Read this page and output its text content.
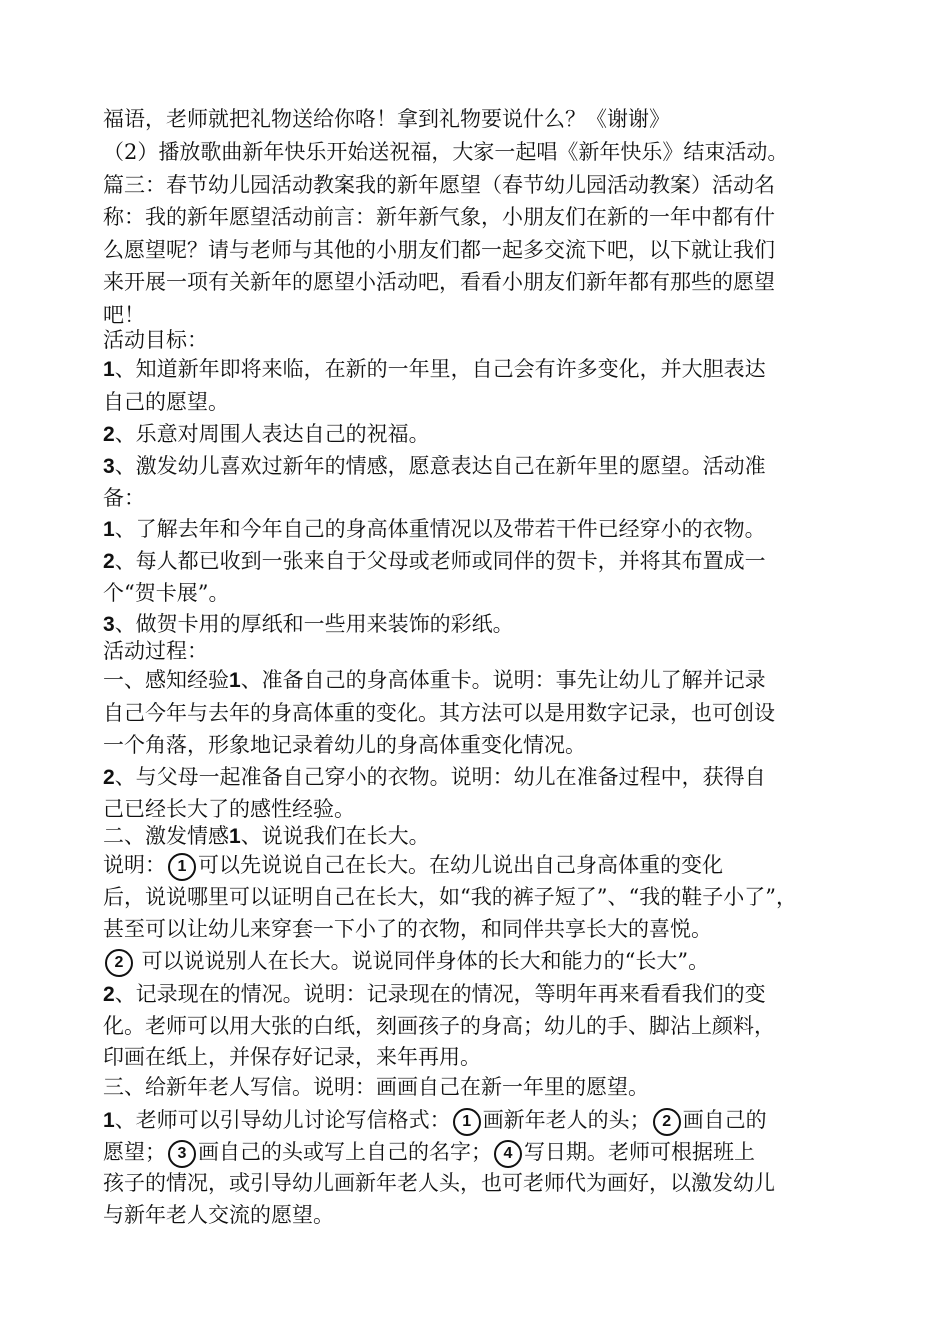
福语，老师就把礼物送给你咯！拿到礼物要说什么？《谢谢》
（2）播放歌曲新年快乐开始送祝福，大家一起唱《新年快乐》结束活动。
篇三：春节幼儿园活动教案我的新年愿望（春节幼儿园活动教案）活动名
称：我的新年愿望活动前言：新年新气象，小朋友们在新的一年中都有什
么愿望呢？请与老师与其他的小朋友们都一起多交流下吧，以下就让我们
来开展一项有关新年的愿望小活动吧，看看小朋友们新年都有那些的愿望
吧！
活动目标：
1、知道新年即将来临，在新的一年里，自己会有许多变化，并大胆表达
自己的愿望。
2、乐意对周围人表达自己的祝福。
3、激发幼儿喜欢过新年的情感，愿意表达自己在新年里的愿望。活动准
备：
1、了解去年和今年自己的身高体重情况以及带若干件已经穿小的衣物。
2、每人都已收到一张来自于父母或老师或同伴的贺卡，并将其布置成一
个“贺卡展”。
3、做贺卡用的厚纸和一些用来装饰的彩纸。
活动过程：
一、感知经验1、准备自己的身高体重卡。说明：事先让幼儿了解并记录
自己今年与去年的身高体重的变化。其方法可以是用数字记录，也可创设
一个角落，形象地记录着幼儿的身高体重变化情况。
2、与父母一起准备自己穿小的衣物。说明：幼儿在准备过程中，获得自
己已经长大了的感性经验。
二、激发情感1、说说我们在长大。
说明： 1 可以先说说自己在长大。在幼儿说出自己身高体重的变化
后，说说哪里可以证明自己在长大，如“我的裤子短了”、“我的鞋子小了”，
甚至可以让幼儿来穿套一下小了的衣物，和同伴共享长大的喜悦。
2 可以说说别人在长大。说说同伴身体的长大和能力的“长大”。
2、记录现在的情况。说明：记录现在的情况，等明年再来看看我们的变
化。老师可以用大张的白纸，刻画孩子的身高；幼儿的手、脚沾上颜料，
印画在纸上，并保存好记录，来年再用。
三、给新年老人写信。说明：画画自己在新一年里的愿望。
1、老师可以引导幼儿讨论写信格式： 1 画新年老人的头； 2 画自己的
愿望； 3 画自己的头或写上自己的名字； 4 写日期。老师可根据班上
孩子的情况，或引导幼儿画新年老人头，也可老师代为画好，以激发幼儿
与新年老人交流的愿望。
